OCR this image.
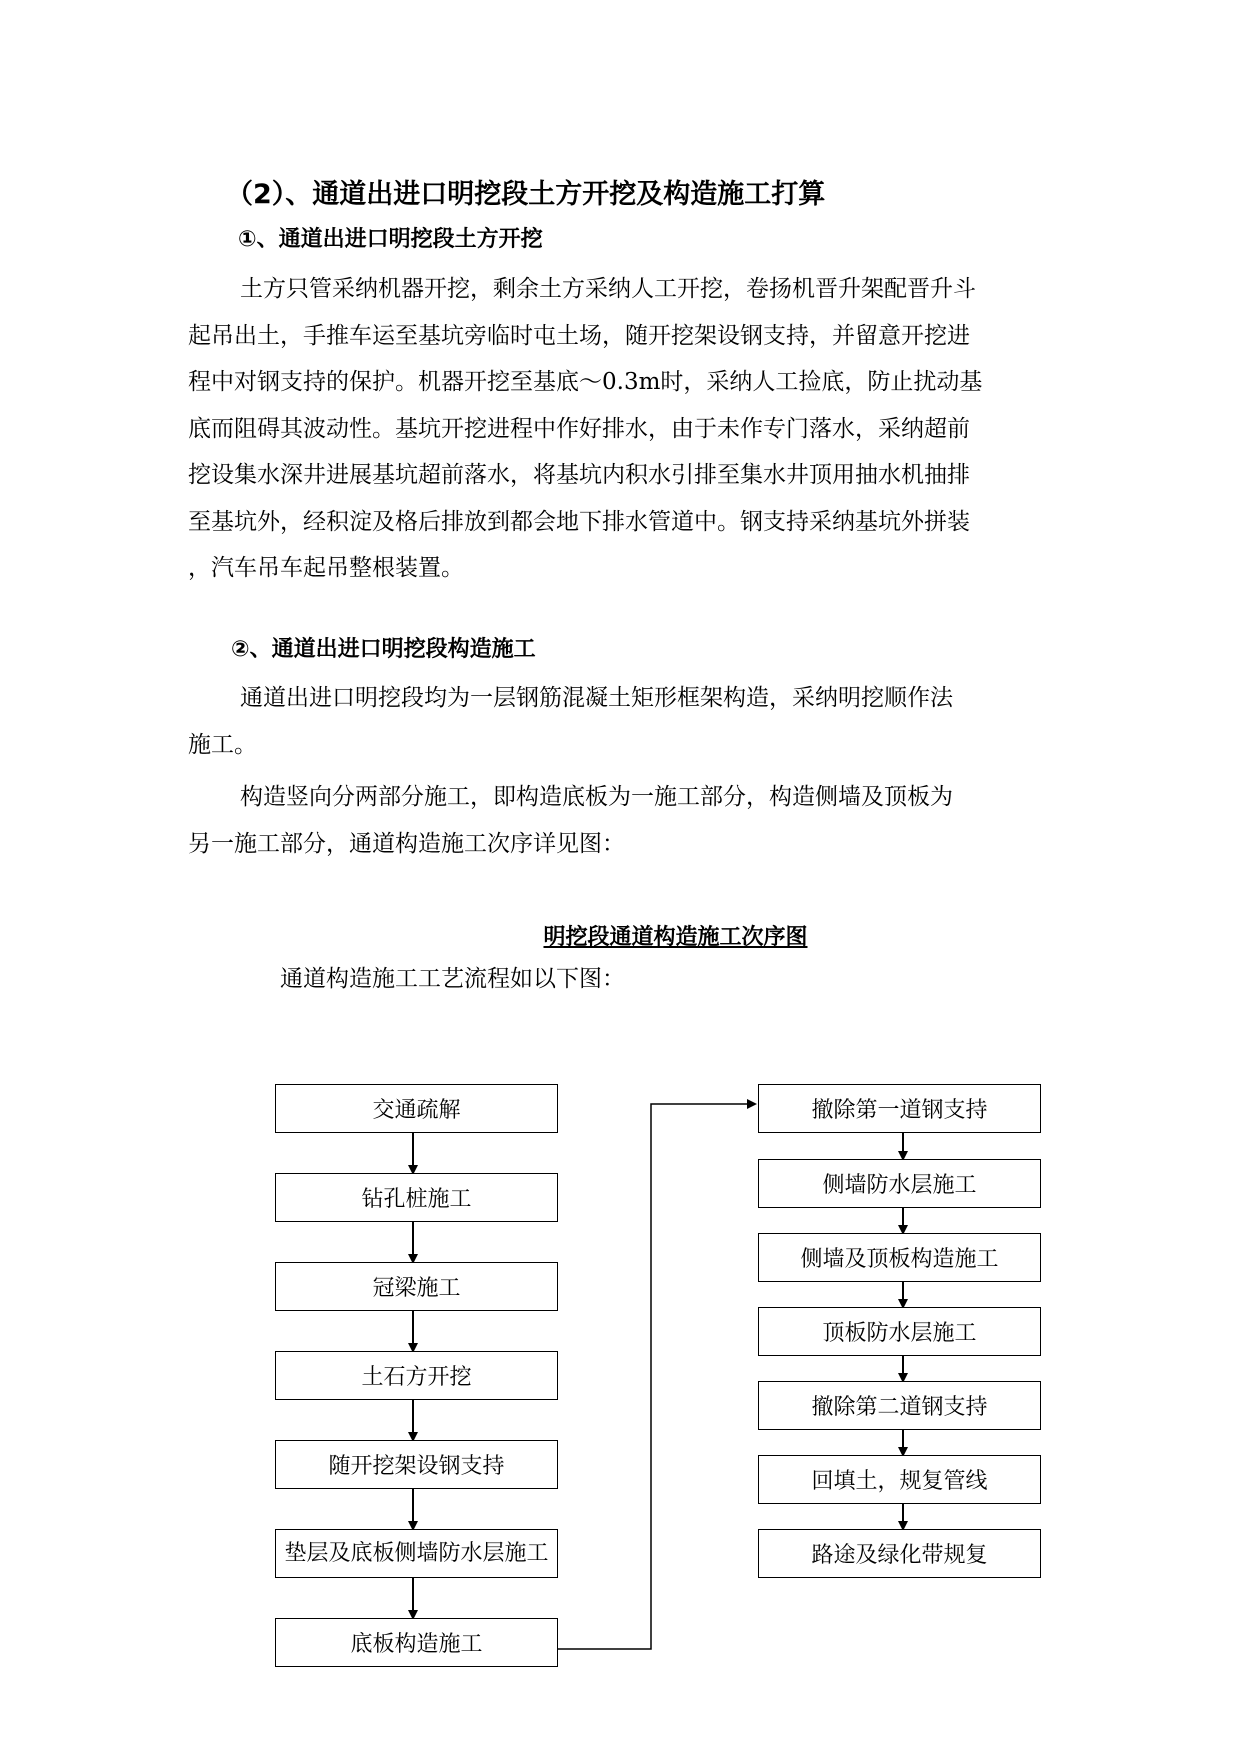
（2）、通道出进口明挖段土方开挖及构造施工打算
①、通道出进口明挖段土方开挖

土方只管采纳机器开挖，剩余土方采纳人工开挖，卷扬机晋升架配晋升斗
起吊出土，手推车运至基坑旁临时屯土场，随开挖架设钢支持，并留意开挖进
程中对钢支持的保护。机器开挖至基底～0.3m时，采纳人工捡底，防止扰动基
底而阻碍其波动性。基坑开挖进程中作好排水，由于未作专门落水，采纳超前
挖设集水深井进展基坑超前落水，将基坑内积水引排至集水井顶用抽水机抽排
至基坑外，经积淀及格后排放到都会地下排水管道中。钢支持采纳基坑外拼装
，汽车吊车起吊整根装置。

②、通道出进口明挖段构造施工

通道出进口明挖段均为一层钢筋混凝土矩形框架构造，采纳明挖顺作法
施工。

构造竖向分两部分施工，即构造底板为一施工部分，构造侧墙及顶板为
另一施工部分，通道构造施工次序详见图：

明挖段通道构造施工次序图
通道构造施工工艺流程如以下图：
交通疏解
钻孔桩施工
冠梁施工
土石方开挖
随开挖架设钢支持
垫层及底板侧墙防水层施工
底板构造施工
撤除第一道钢支持
侧墙防水层施工
侧墙及顶板构造施工
顶板防水层施工
撤除第二道钢支持
回填土，规复管线
路途及绿化带规复
